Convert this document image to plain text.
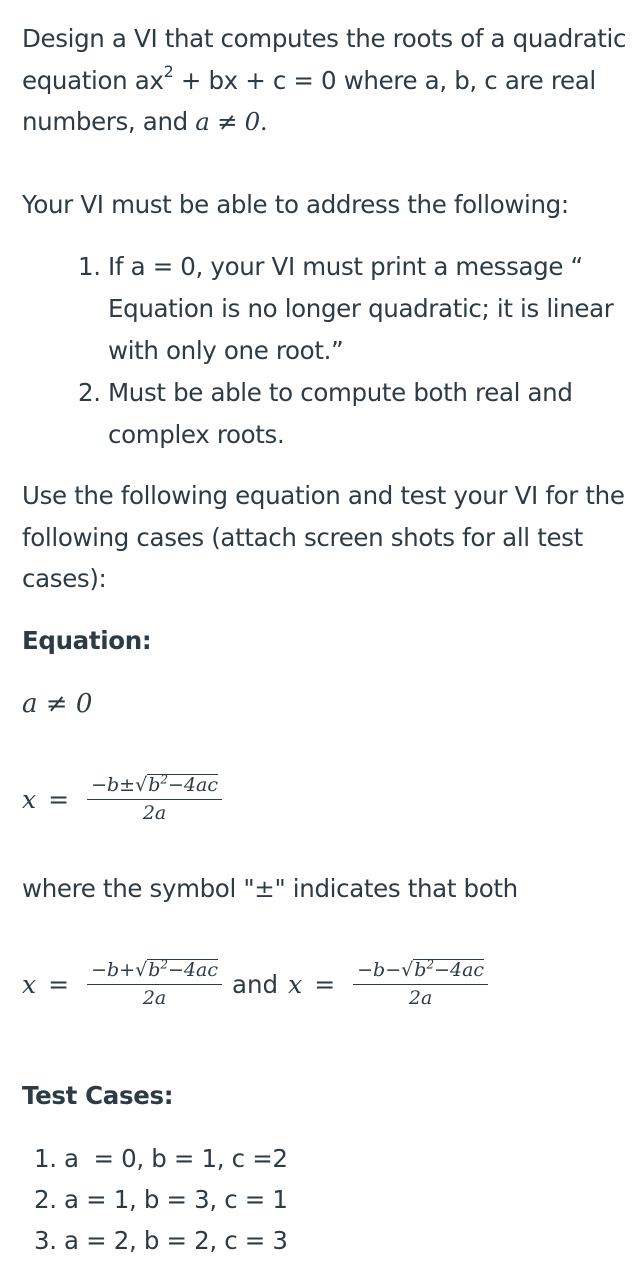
Design a VI that computes the roots of a quadratic
equation $ax^2$ + bx + c = 0 where a, b, c are real
numbers, and a ≠ 0.

Your VI must be able to address the following:

1. If a = 0, your VI must print a message “
Equation is no longer quadratic; it is linear
with only one root.”
2. Must be able to compute both real and
complex roots.

Use the following equation and test your VI for the
following cases (attach screen shots for all test
cases):

Equation:

a ≠ 0
$x = \frac{-b\pm√b^2-4ac}{2a}$

where the symbol "±" indicates that both

$x = \frac{-b+√b^2-4ac}{2a}$ and $x = \frac{-b-√b^2-4ac}{2a}$

Test Cases:

1. a  = 0, b = 1, c =2
2. a = 1, b = 3, c = 1
3. a = 2, b = 2, c = 3
